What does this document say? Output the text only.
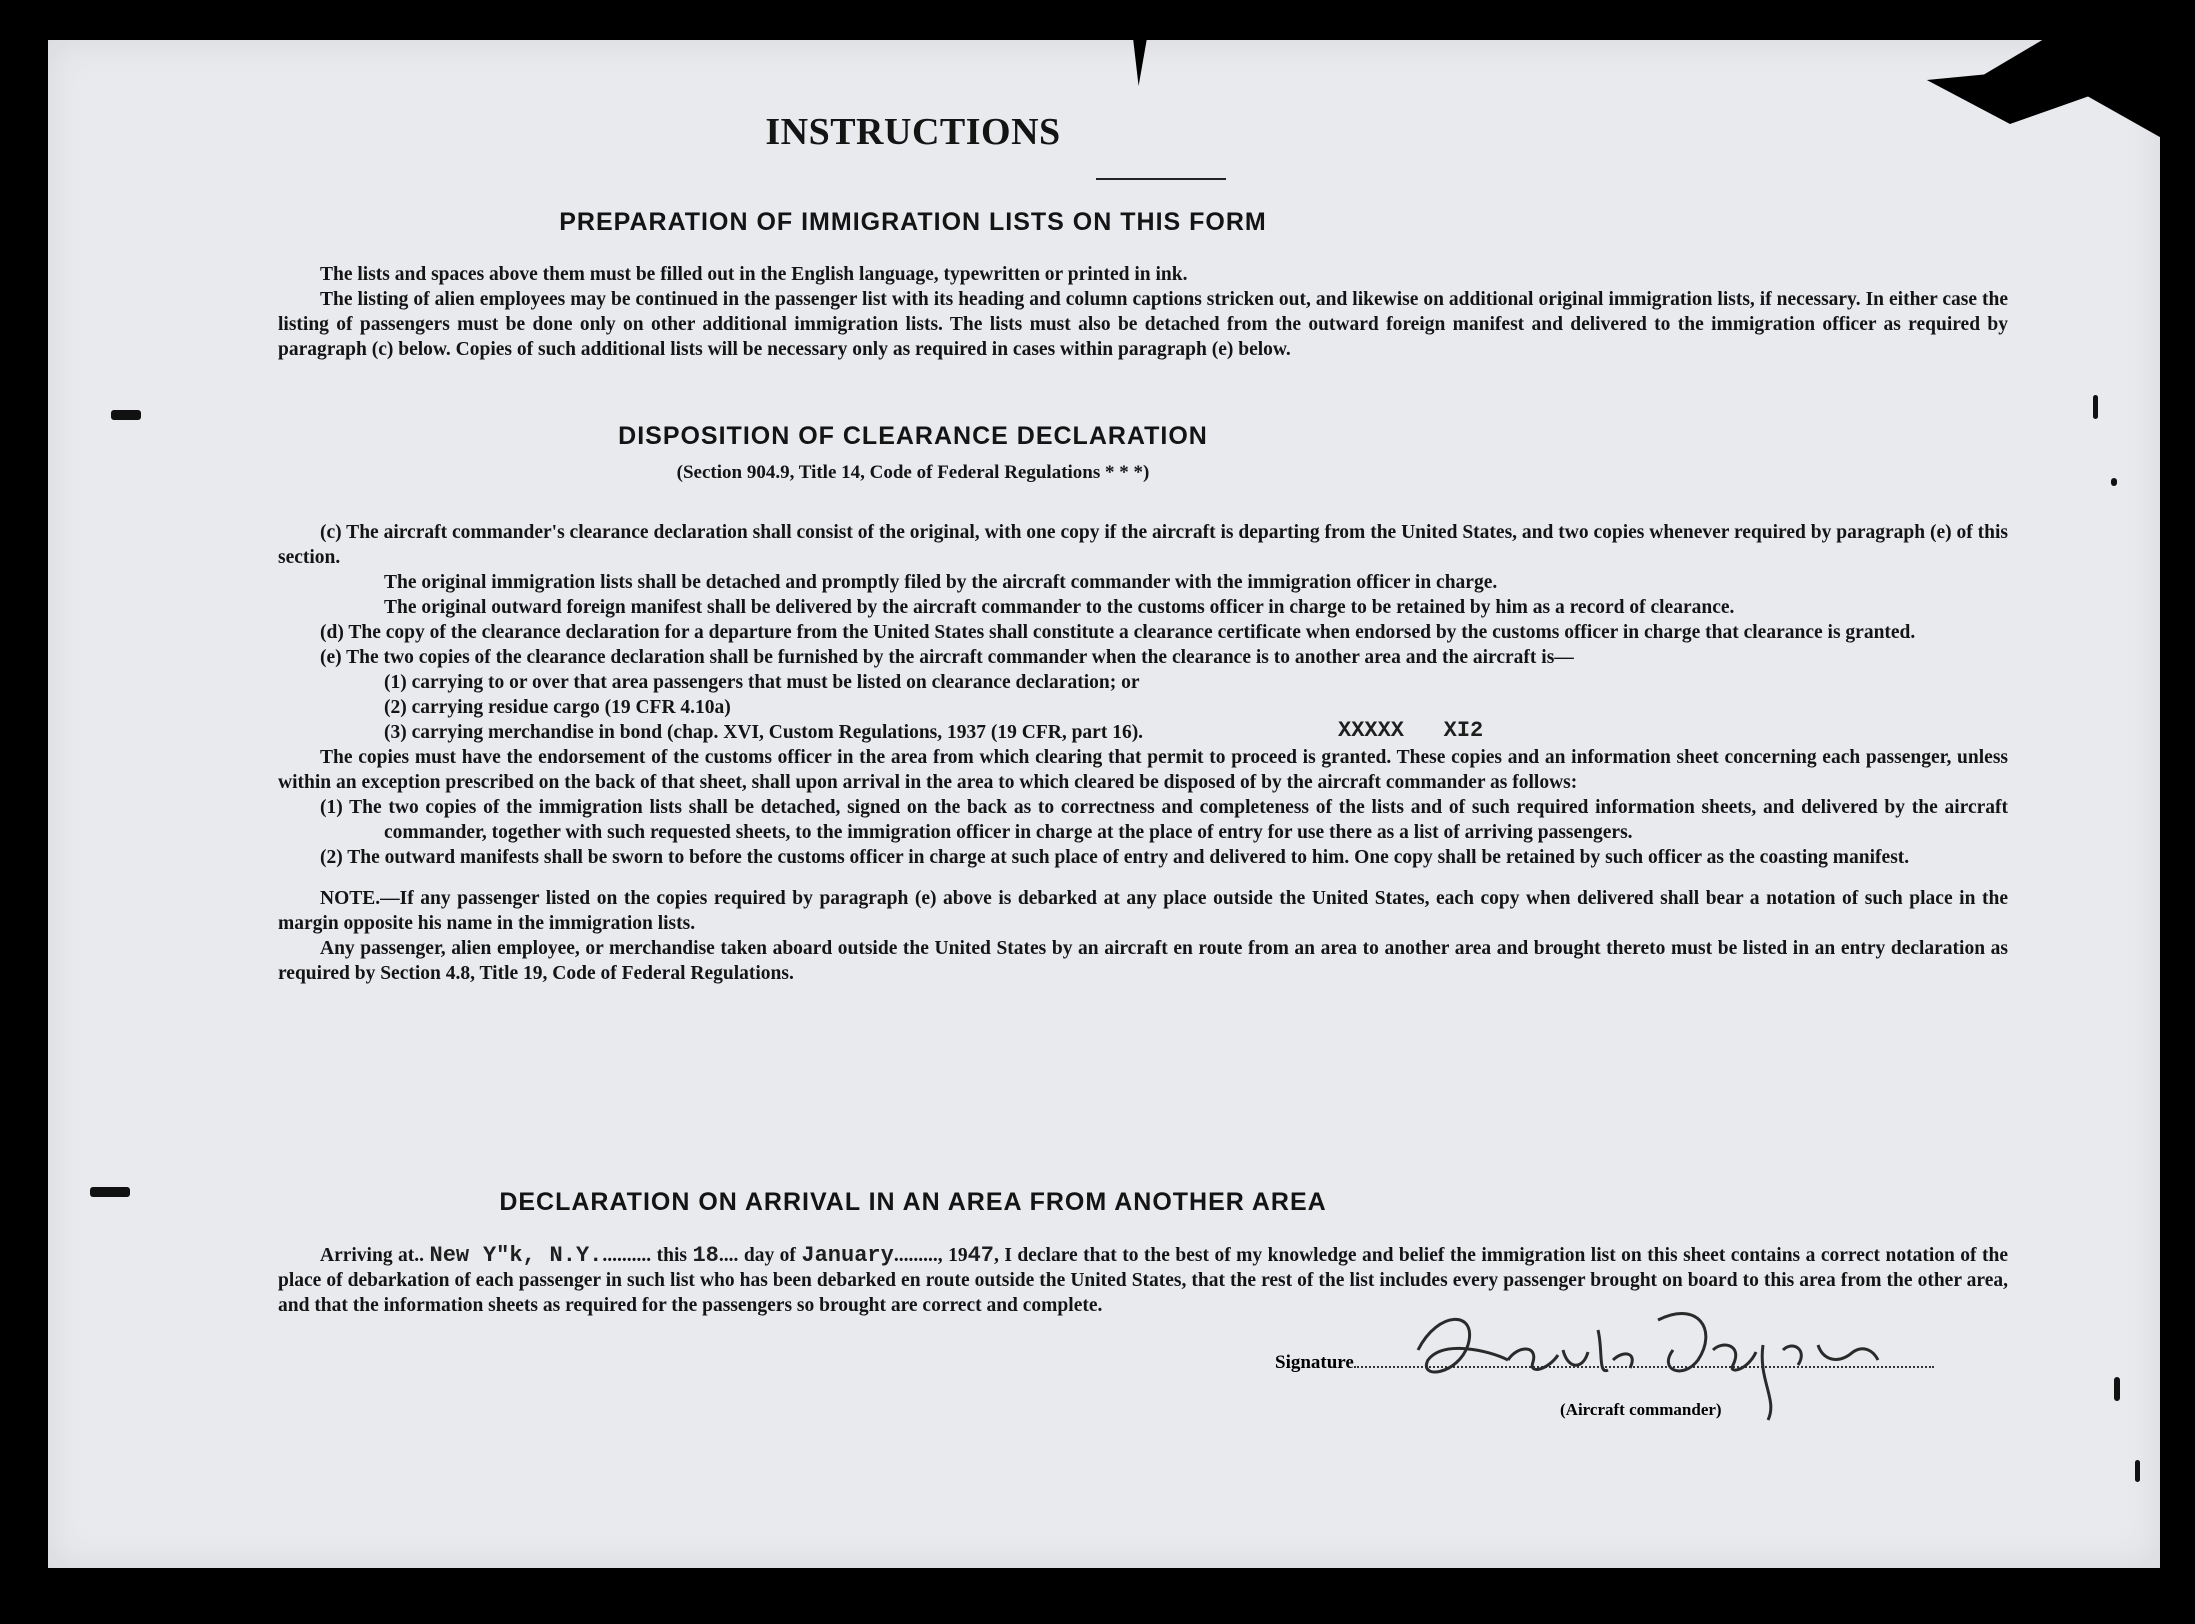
INSTRUCTIONS
PREPARATION OF IMMIGRATION LISTS ON THIS FORM

The lists and spaces above them must be filled out in the English language, typewritten or printed in ink.

The listing of alien employees may be continued in the passenger list with its heading and column captions stricken out, and likewise on additional original immigration lists, if necessary. In either case the listing of passengers must be done only on other additional immigration lists. The lists must also be detached from the outward foreign manifest and delivered to the immigration officer as required by paragraph (c) below. Copies of such additional lists will be necessary only as required in cases within paragraph (e) below.

DISPOSITION OF CLEARANCE DECLARATION
(Section 904.9, Title 14, Code of Federal Regulations * * *)

(c) The aircraft commander's clearance declaration shall consist of the original, with one copy if the aircraft is departing from the United States, and two copies whenever required by paragraph (e) of this section.

The original immigration lists shall be detached and promptly filed by the aircraft commander with the immigration officer in charge.

The original outward foreign manifest shall be delivered by the aircraft commander to the customs officer in charge to be retained by him as a record of clearance.

(d) The copy of the clearance declaration for a departure from the United States shall constitute a clearance certificate when endorsed by the customs officer in charge that clearance is granted.

(e) The two copies of the clearance declaration shall be furnished by the aircraft commander when the clearance is to another area and the aircraft is—

(1) carrying to or over that area passengers that must be listed on clearance declaration; or

(2) carrying residue cargo (19 CFR 4.10a)

(3) carrying merchandise in bond (chap. XVI, Custom Regulations, 1937 (19 CFR, part 16).

The copies must have the endorsement of the customs officer in the area from which clearing that permit to proceed is granted. These copies and an information sheet concerning each passenger, unless within an exception prescribed on the back of that sheet, shall upon arrival in the area to which cleared be disposed of by the aircraft commander as follows:

(1) The two copies of the immigration lists shall be detached, signed on the back as to correctness and completeness of the lists and of such required information sheets, and delivered by the aircraft commander, together with such requested sheets, to the immigration officer in charge at the place of entry for use there as a list of arriving passengers.

(2) The outward manifests shall be sworn to before the customs officer in charge at such place of entry and delivered to him. One copy shall be retained by such officer as the coasting manifest.

NOTE.—If any passenger listed on the copies required by paragraph (e) above is debarked at any place outside the United States, each copy when delivered shall bear a notation of such place in the margin opposite his name in the immigration lists.

Any passenger, alien employee, or merchandise taken aboard outside the United States by an aircraft en route from an area to another area and brought thereto must be listed in an entry declaration as required by Section 4.8, Title 19, Code of Federal Regulations.

XXXXX   XI2
DECLARATION ON ARRIVAL IN AN AREA FROM ANOTHER AREA

Arriving at.. New Y"k, N.Y........... this 18.... day of January........., 1947, I declare that to the best of my knowledge and belief the immigration list on this sheet contains a correct notation of the place of debarkation of each passenger in such list who has been debarked en route outside the United States, that the rest of the list includes every passenger brought on board to this area from the other area, and that the information sheets as required for the passengers so brought are correct and complete.

Signature
(Aircraft commander)
